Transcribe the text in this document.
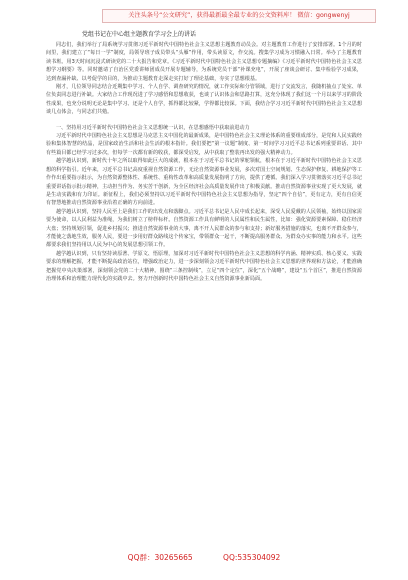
关注头条号“公文研究”，获得最新最全最专业的公文资料库！ 微信：gongwenyj

党组书记在中心组主题教育学习会上的讲话

同志们，我们举行了局系统学习贯彻习近平新时代中国特色社会主义思想主题教育动员会。对主题教育工作进行了安排部署。1个月的时间里，我们建立了“每日一学”制度，局领导班子成员带头“头雁”作用，带头读原文，作交流。搜集学习成为习惯融入日常。举办了主题教育读书班。用3天时间沉浸式研读党的二十大报告和党章。《习近平新时代中国特色社会主义思想专题摘编》《习近平新时代中国特色社会主义思想学习纲要》等。同时邀请了自治区党委讲师团成员开展专题辅导，为系统党员干部“补课充电”，开展了座谈会研讨、集中检验学习成果，达到查漏补缺、以考促学的目的，为推动主题教育走深走实打好了理论基础，夯实了思想根基。

刚才，几位领导同志结合近期集中学习、个人自学、调查研究的情况，就工作实际和分管领域，进行了交流发言，我随机抽点了处室、单位负责同志进行补缺。大家结合工作现况进了学习感悟和思想收获，也谈了认识体会和思路打算，这充分体现了我们这一个月以来学习的阶段性成果，也充分说明无论是集中学习、还是个人自学，抓得都比较紧，学得都比较深。下面，我结合学习习近平新时代中国特色社会主义思想谈几点体会，与同志们共勉。

一、坚持用习近平新时代中国特色社会主义思想统一认识，在思想感悟中获取前进动力

习近平新时代中国特色社会主义思想是马克思主义中国化的最新成果，是中国特色社会主义理论体系的重要组成部分，是党和人民实践经验和集体智慧的结晶，是国家政治生活和社会生活的根本指针。我们要把“第一议题”制度、第一时间学习习近平总书记系列重要讲话、其中有些篇目都已经学习过多次，但每学一次都有新的收获，都深受启发，从中获取了整装再出发的强大精神动力。

越学越认识到，新时代十年之所以取得如此巨大的成就，根本在于习近平总书记的掌舵领航，根本在于习近平新时代中国特色社会主义思想的科学指引。近年来，习近平总书记高度重视自然资源工作，无论自然资源事业发展，多次对国土空间规划、生态保护修复、耕地保护等工作作出重要指示批示，为自然资源整体性、系统性、重构性改革和高质量发展指明了方向，提供了遵循。我们深入学习贯彻落实习近平总书记重要讲话指示批示精神，主动担当作为、务实苦干创新，为全区经济社会高质量发展作出了积极贡献。推动自然资源事业实现了更大发展，就是生动实践和有力印证。新征程上，我们必须坚持以习近平新时代中国特色社会主义思想为指导，坚定“四个自信”，更有定力，更有自信更有智慧地推动自然资源事业沿着正确的方向前进。

越学越认识到，坚持人民至上是我们工作的出发点和落脚点。习近平总书记是人民中成长起来，深受人民爱戴的人民领袖，始终以国家需要为使命，以人民利益为准绳，为我们树立了榜样标杆。自然资源工作具有鲜明的人民属性和民生属性，比如：强化资源要素保障、稳住经济大盘；坚持规划引领，促进乡村振兴；推进自然资源事业的大事，离不开人民群众的参与和支持；新好服务措施的落实，也离不开群众参与，才能使之落地生效，服务人民，要进一步用好群众路线这个传家宝，带领群众一起干，不断提高服务群众、为群众办实事的能力和水平。这些都要求我们坚持用以人民为中心的发展思想引领工作。

越学越认识到，只有坚持读原著、学原文、悟原理，加深对习近平新时代中国特色社会主义思想的科学内涵、精神实质、核心要义、实践要求的理解把握，才能不断提高政治站位，增强政治定力，进一步深刻领会习近平新时代中国特色社会主义思想的世界观和方法论，才能准确把握党中央决策部署，深刻领会党的二十大精神。围绕“三条控制线”，立足“四个定位”，深化“五个战略”，建设“五个首区”，推进自然资源治理体系和治理能力现代化的实践中去。努力开创新时代中国特色社会主义自然资源事业新局面。

QQ群：30265665	QQ:535304092
